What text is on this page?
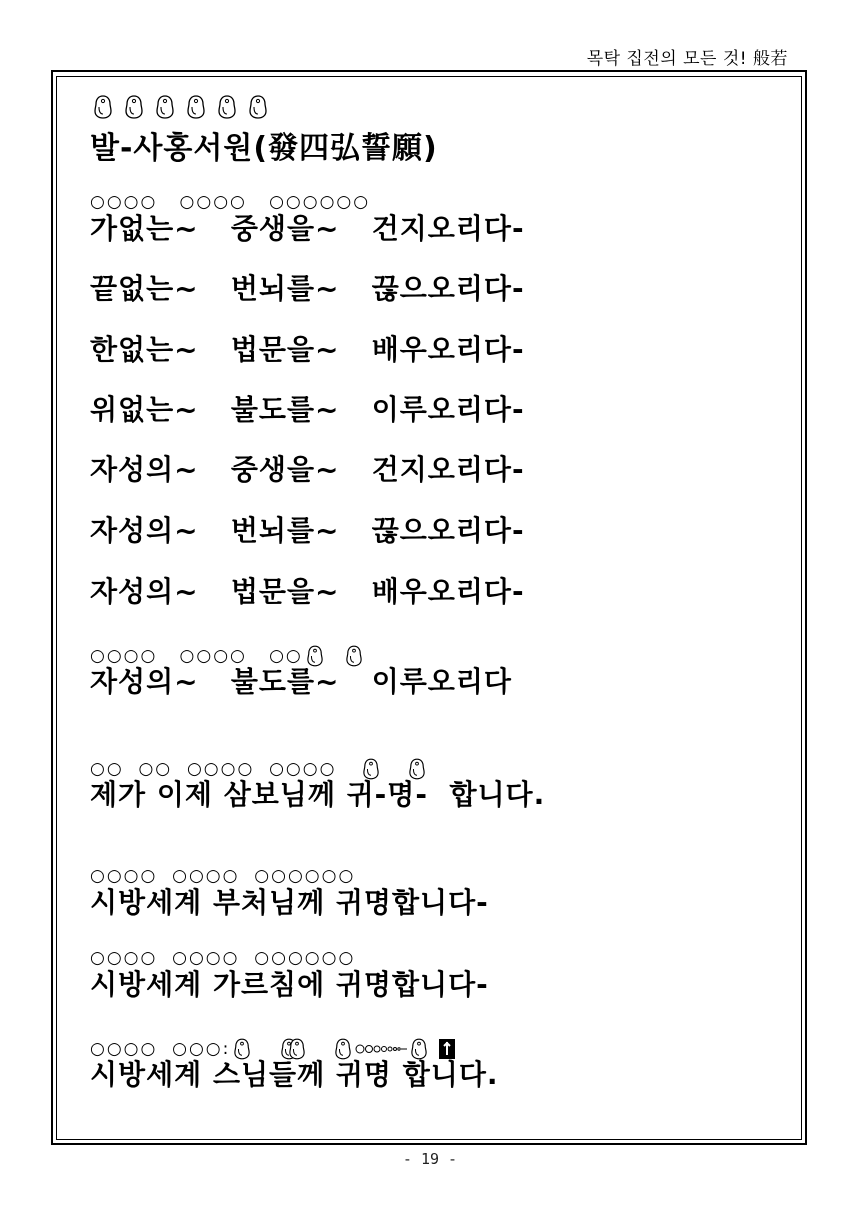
목탁 집전의 모든 것! 般若

발-사홍서원(發四弘誓願)
○○○○   ○○○○   ○○○○○○
가없는~   중생을~   건지오리다-
끝없는~   번뇌를~   끊으오리다-
한없는~   법문을~   배우오리다-
위없는~   불도를~   이루오리다-
자성의~   중생을~   건지오리다-
자성의~   번뇌를~   끊으오리다-
자성의~   법문을~   배우오리다-
○○○○   ○○○○   ○○
자성의~   불도를~   이루오리다
○○  ○○  ○○○○  ○○○○
제가 이제 삼보님께 귀-명-  합니다.
○○○○  ○○○○  ○○○○○○
시방세계 부처님께 귀명합니다-
○○○○  ○○○○  ○○○○○○
시방세계 가르침에 귀명합니다-
○○○○  ○○○:
시방세계 스님들께 귀명 합니다.
- 19 -
